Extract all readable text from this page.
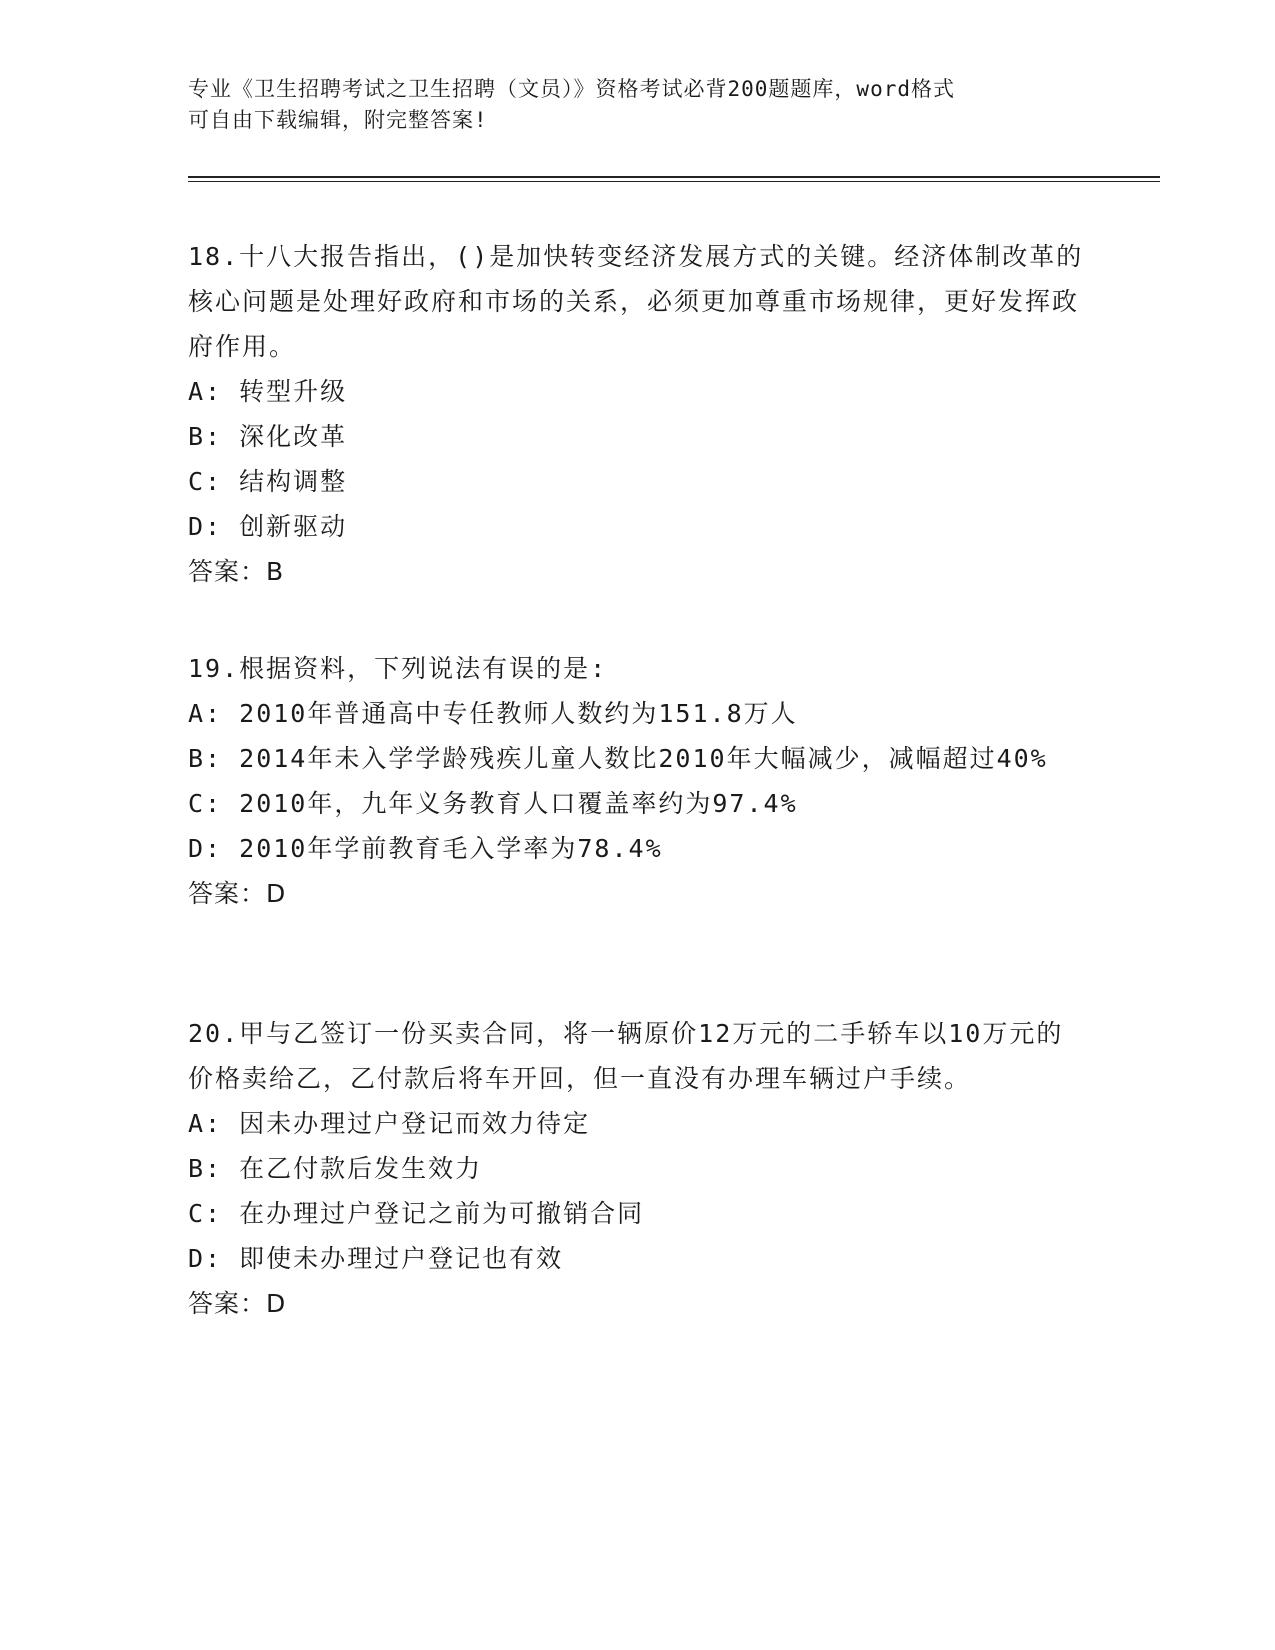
专业《卫生招聘考试之卫生招聘（文员）》资格考试必背200题题库，word格式
可自由下载编辑，附完整答案!

18.十八大报告指出，()是加快转变经济发展方式的关键。经济体制改革的核心问题是处理好政府和市场的关系，必须更加尊重市场规律，更好发挥政府作用。

A: 转型升级

B: 深化改革

C: 结构调整

D: 创新驱动

答案：B

19.根据资料，下列说法有误的是:

A: 2010年普通高中专任教师人数约为151.8万人

B: 2014年未入学学龄残疾儿童人数比2010年大幅减少，减幅超过40%

C: 2010年，九年义务教育人口覆盖率约为97.4%

D: 2010年学前教育毛入学率为78.4%

答案：D

20.甲与乙签订一份买卖合同，将一辆原价12万元的二手轿车以10万元的价格卖给乙，乙付款后将车开回，但一直没有办理车辆过户手续。

A: 因未办理过户登记而效力待定

B: 在乙付款后发生效力

C: 在办理过户登记之前为可撤销合同

D: 即使未办理过户登记也有效

答案：D
